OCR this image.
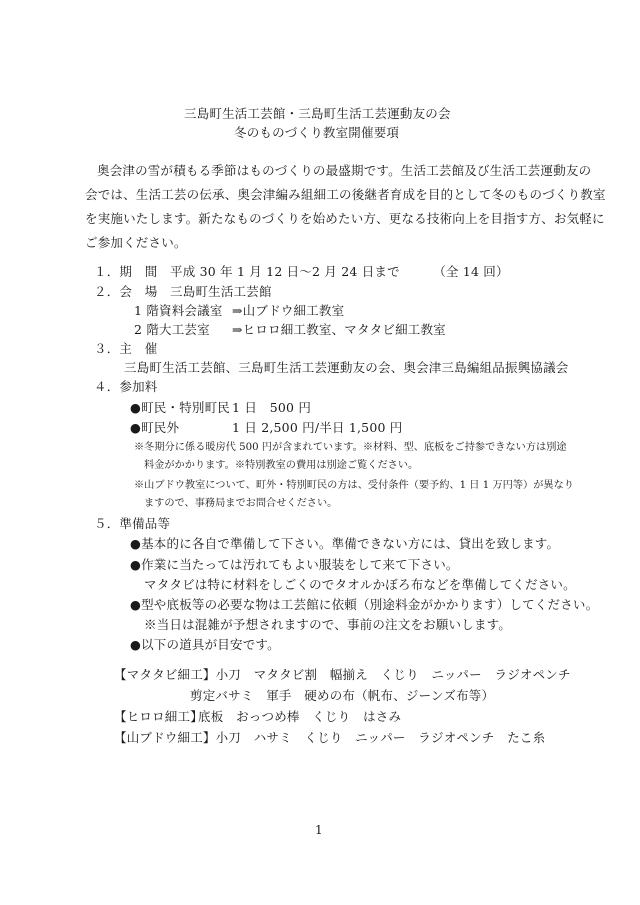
三島町生活工芸館・三島町生活工芸運動友の会
冬のものづくり教室開催要項
奥会津の雪が積もる季節はものづくりの最盛期です。生活工芸館及び生活工芸運動友の
会では、生活工芸の伝承、奥会津編み組細工の後継者育成を目的として冬のものづくり教室
を実施いたします。新たなものづくりを始めたい方、更なる技術向上を目指す方、お気軽に
ご参加ください。
１．期　間 平成 30 年 1 月 12 日〜2 月 24 日まで	（全 14 回）
２．会　場 三島町生活工芸館
1 階資料会議室 ⇒山ブドウ細工教室
2 階大工芸室 ⇒ヒロロ細工教室、マタタビ細工教室
３．主　催
三島町生活工芸館、三島町生活工芸運動友の会、奥会津三島編組品振興協議会
４．参加料
●町民・特別町民 1 日　500 円
●町民外	1 日 2,500 円/半日 1,500 円
※冬期分に係る暖房代 500 円が含まれています。※材料、型、底板をご持参できない方は別途
料金がかかります。※特別教室の費用は別途ご覧ください。
※山ブドウ教室について、町外・特別町民の方は、受付条件（要予約、1 日 1 万円等）が異なり
ますので、事務局までお問合せください。
５．準備品等
●基本的に各自で準備して下さい。準備できない方には、貸出を致します。
●作業に当たっては汚れてもよい服装をして来て下さい。
マタタビは特に材料をしごくのでタオルかぼろ布などを準備してください。
●型や底板等の必要な物は工芸館に依頼（別途料金がかかります）してください。
※当日は混雑が予想されますので、事前の注文をお願いします。
●以下の道具が目安です。
【マタタビ細工】小刀　マタタビ割　幅揃え　くじり　ニッパー　ラジオペンチ
剪定バサミ　軍手　硬めの布（帆布、ジーンズ布等）
【ヒロロ細工】底板　おっつめ棒　くじり　はさみ
【山ブドウ細工】小刀　ハサミ　くじり　ニッパー　ラジオペンチ　たこ糸
1
